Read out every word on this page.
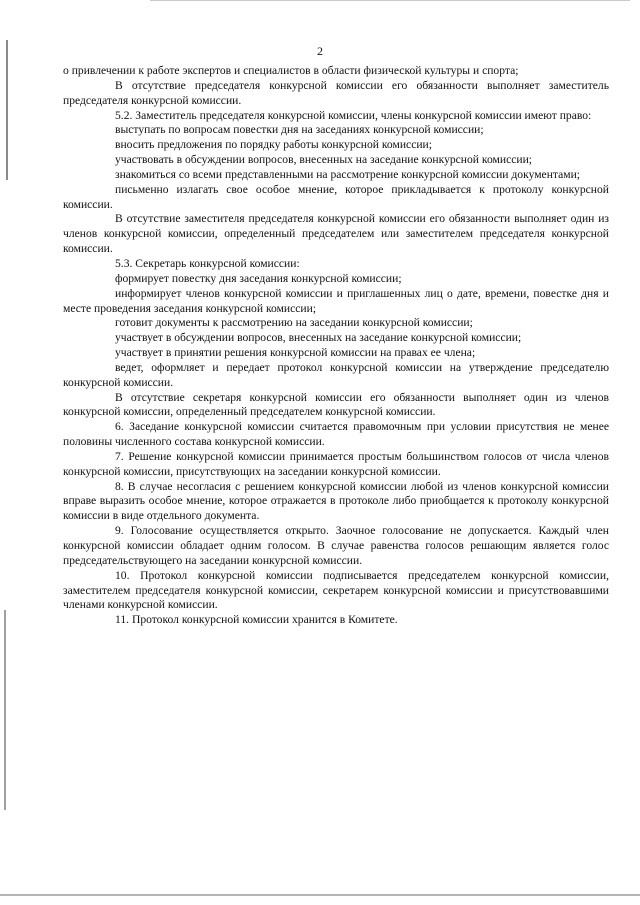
2

о привлечении к работе экспертов и специалистов в области физической культуры и спорта;

В отсутствие председателя конкурсной комиссии его обязанности выполняет заместитель председателя конкурсной комиссии.

5.2. Заместитель председателя конкурсной комиссии, члены конкурсной комиссии имеют право:

выступать по вопросам повестки дня на заседаниях конкурсной комиссии;

вносить предложения по порядку работы конкурсной комиссии;

участвовать в обсуждении вопросов, внесенных на заседание конкурсной комиссии;

знакомиться со всеми представленными на рассмотрение конкурсной комиссии документами;

письменно излагать свое особое мнение, которое прикладывается к протоколу конкурсной комиссии.

В отсутствие заместителя председателя конкурсной комиссии его обязанности выполняет один из членов конкурсной комиссии, определенный председателем или заместителем председателя конкурсной комиссии.

5.3. Секретарь конкурсной комиссии:

формирует повестку дня заседания конкурсной комиссии;

информирует членов конкурсной комиссии и приглашенных лиц о дате, времени, повестке дня и месте проведения заседания конкурсной комиссии;

готовит документы к рассмотрению на заседании конкурсной комиссии;

участвует в обсуждении вопросов, внесенных на заседание конкурсной комиссии;

участвует в принятии решения конкурсной комиссии на правах ее члена;

ведет, оформляет и передает протокол конкурсной комиссии на утверждение председателю конкурсной комиссии.

В отсутствие секретаря конкурсной комиссии его обязанности выполняет один из членов конкурсной комиссии, определенный председателем конкурсной комиссии.

6. Заседание конкурсной комиссии считается правомочным при условии присутствия не менее половины численного состава конкурсной комиссии.

7. Решение конкурсной комиссии принимается простым большинством голосов от числа членов конкурсной комиссии, присутствующих на заседании конкурсной комиссии.

8. В случае несогласия с решением конкурсной комиссии любой из членов конкурсной комиссии вправе выразить особое мнение, которое отражается в протоколе либо приобщается к протоколу конкурсной комиссии в виде отдельного документа.

9. Голосование осуществляется открыто. Заочное голосование не допускается. Каждый член конкурсной комиссии обладает одним голосом. В случае равенства голосов решающим является голос председательствующего на заседании конкурсной комиссии.

10. Протокол конкурсной комиссии подписывается председателем конкурсной комиссии, заместителем председателя конкурсной комиссии, секретарем конкурсной комиссии и присутствовавшими членами конкурсной комиссии.

11. Протокол конкурсной комиссии хранится в Комитете.
